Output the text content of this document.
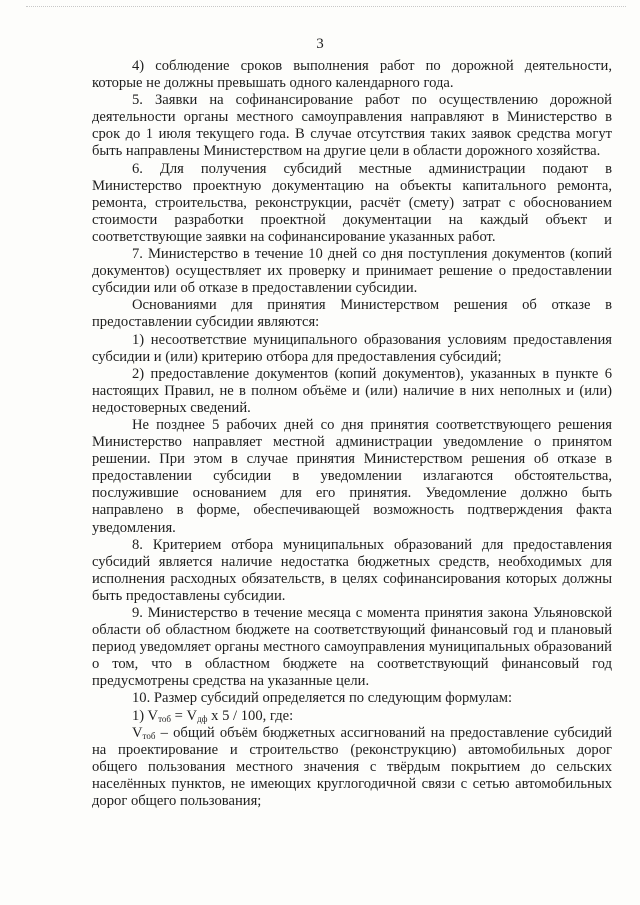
3

4) соблюдение сроков выполнения работ по дорожной деятельности, которые не должны превышать одного календарного года.

5. Заявки на софинансирование работ по осуществлению дорожной деятельности органы местного самоуправления направляют в Министерство в срок до 1 июля текущего года. В случае отсутствия таких заявок средства могут быть направлены Министерством на другие цели в области дорожного хозяйства.

6. Для получения субсидий местные администрации подают в Министерство проектную документацию на объекты капитального ремонта, ремонта, строительства, реконструкции, расчёт (смету) затрат с обоснованием стоимости разработки проектной документации на каждый объект и соответствующие заявки на софинансирование указанных работ.

7. Министерство в течение 10 дней со дня поступления документов (копий документов) осуществляет их проверку и принимает решение о предоставлении субсидии или об отказе в предоставлении субсидии.

Основаниями для принятия Министерством решения об отказе в предоставлении субсидии являются:

1) несоответствие муниципального образования условиям предоставления субсидии и (или) критерию отбора для предоставления субсидий;

2) предоставление документов (копий документов), указанных в пункте 6 настоящих Правил, не в полном объёме и (или) наличие в них неполных и (или) недостоверных сведений.

Не позднее 5 рабочих дней со дня принятия соответствующего решения Министерство направляет местной администрации уведомление о принятом решении. При этом в случае принятия Министерством решения об отказе в предоставлении субсидии в уведомлении излагаются обстоятельства, послужившие основанием для его принятия. Уведомление должно быть направлено в форме, обеспечивающей возможность подтверждения факта уведомления.

8. Критерием отбора муниципальных образований для предоставления субсидий является наличие недостатка бюджетных средств, необходимых для исполнения расходных обязательств, в целях софинансирования которых должны быть предоставлены субсидии.

9. Министерство в течение месяца с момента принятия закона Ульяновской области об областном бюджете на соответствующий финансовый год и плановый период уведомляет органы местного самоуправления муниципальных образований о том, что в областном бюджете на соответствующий финансовый год предусмотрены средства на указанные цели.

10. Размер субсидий определяется по следующим формулам:

1) $V_{тоб} = V_{дф}$ х 5 / 100, где:

$V_{тоб}$ – общий объём бюджетных ассигнований на предоставление субсидий на проектирование и строительство (реконструкцию) автомобильных дорог общего пользования местного значения с твёрдым покрытием до сельских населённых пунктов, не имеющих круглогодичной связи с сетью автомобильных дорог общего пользования;
